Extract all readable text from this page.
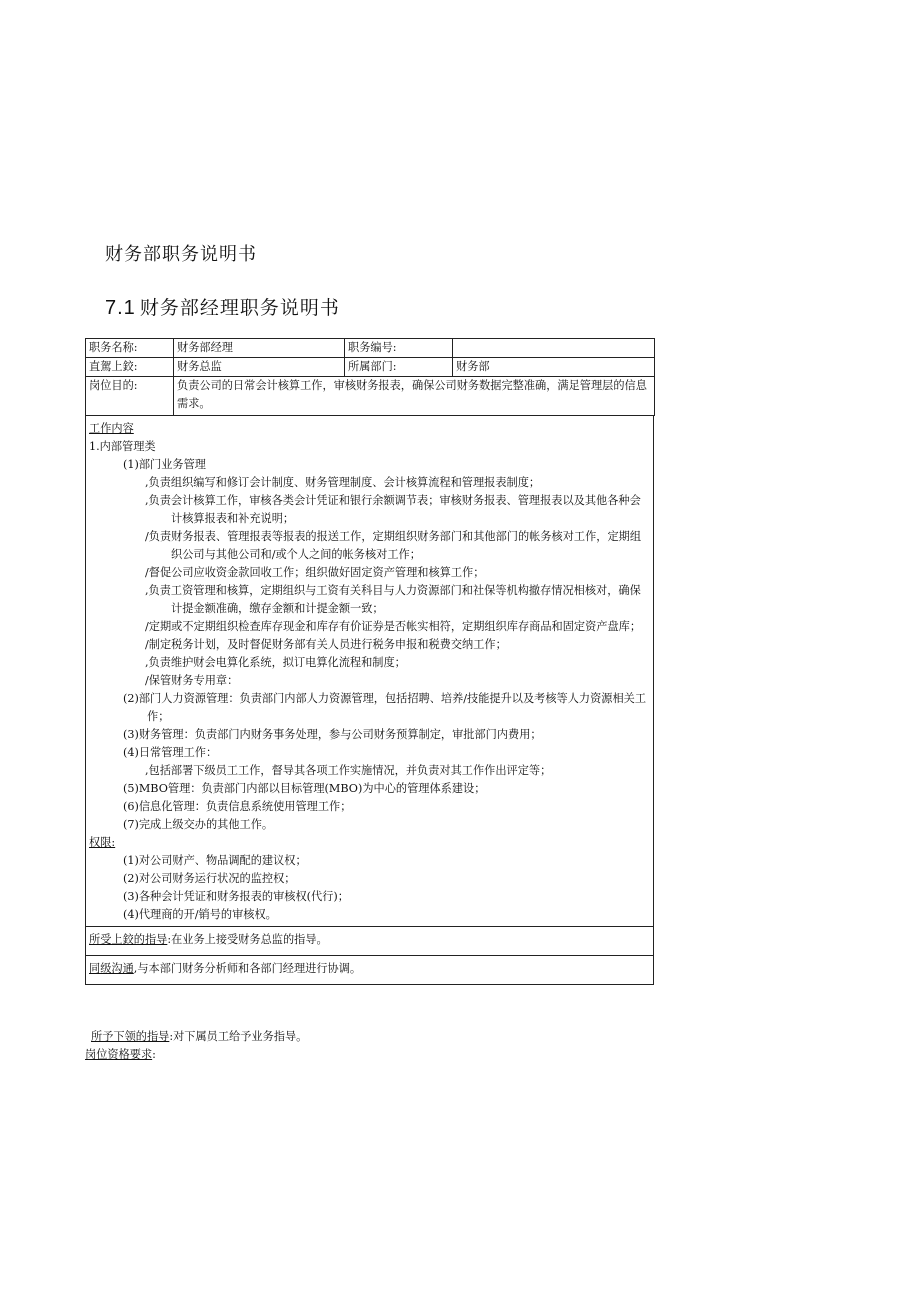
财务部职务说明书
7.1 财务部经理职务说明书
职务名称:	财务部经理	职务编号:	
直駕上鉸:	财务总监	所属部门:	财务部
岗位目的:	负责公司的日常会计核算工作，审核财务报表，确保公司财务数据完整准确，满足管理层的信息需求。		
工作内容
1.内部管理类
(1)部门业务管理
,负责组织编写和修订会计制度、财务管理制度、会计核算流程和管理报表制度；
,负责会计核算工作，审核各类会计凭证和银行余额调节表；审核财务报表、管理报表以及其他各种会计核算报表和补充说明；
/负责财务报表、管理报表等报表的报送工作，定期组织财务部门和其他部门的帐务核对工作，定期组织公司与其他公司和/或个人之间的帐务核对工作；
/督促公司应收资金款回收工作；组织做好固定资产管理和核算工作；
,负责工资管理和核算，定期组织与工资有关科目与人力资源部门和社保等机构撤存情况相核对，确保计提金额准确，缴存金额和计提金额一致；
/定期或不定期组织检查库存现金和库存有价证券是否帐实相符，定期组织库存商品和固定资产盘库；
/制定税务计划，及时督促财务部有关人员进行税务申报和税费交纳工作；
,负责维护财会电算化系统，拟订电算化流程和制度；
/保管财务专用章：
(2)部门人力资源管理：负责部门内部人力资源管理，包括招聘、培养/技能提升以及考核等人力资源相关工作；
(3)财务管理：负责部门内财务事务处理，参与公司财务预算制定，审批部门内费用；
(4)日常管理工作：
,包括部署下级员工工作，督导其各项工作实施情况，并负责对其工作作出评定等；
(5)MBO管理：负责部门内部以目标管理(MBO)为中心的管理体系建设；
(6)信息化管理：负责信息系统使用管理工作；
(7)完成上级交办的其他工作。
权限:
(1)对公司财产、物品调配的建议权；
(2)对公司财务运行状况的监控权；
(3)各种会计凭证和财务报表的审核权(代行)；
(4)代理商的开/销号的审核权。
所受上鉸的指导:在业务上接受财务总监的指导。
同级沟通,与本部门财务分析师和各部门经理进行协调。
所予下领的指导:对下属员工给予业务指导。
岗位资格要求:
